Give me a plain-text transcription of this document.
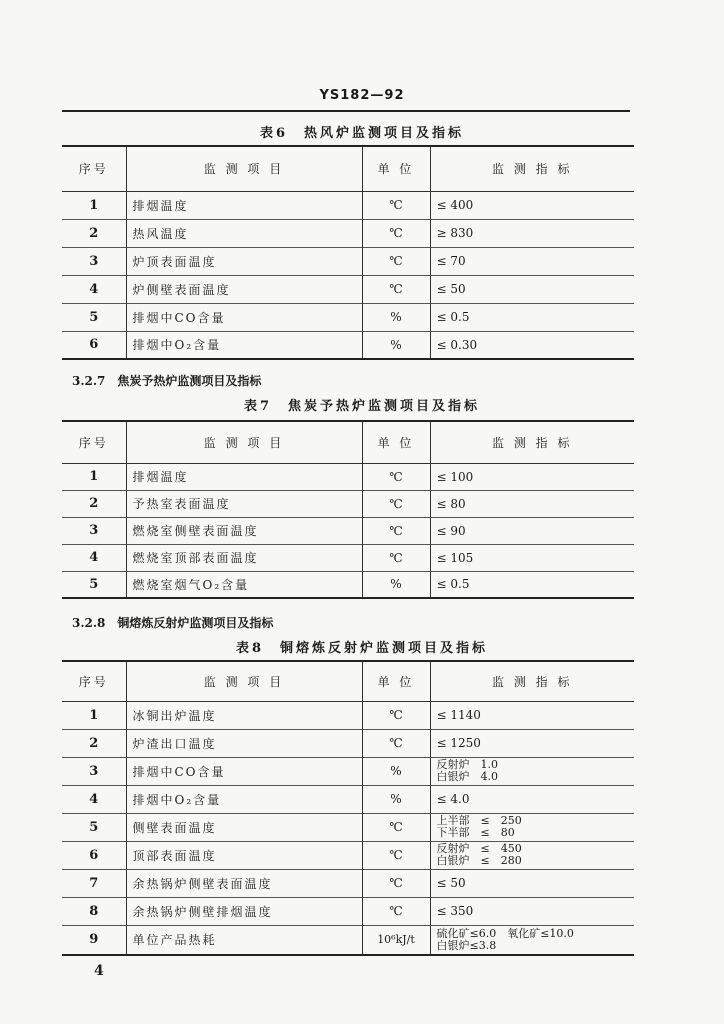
YS182—92
表6　热风炉监测项目及指标
序号	监 测 项 目	单 位	监 测 指 标
1	排烟温度	℃	≤ 400
2	热风温度	℃	≥ 830
3	炉顶表面温度	℃	≤ 70
4	炉侧壁表面温度	℃	≤ 50
5	排烟中CO含量	%	≤ 0.5
6	排烟中O₂含量	%	≤ 0.30
3.2.7　焦炭予热炉监测项目及指标
表7　焦炭予热炉监测项目及指标
序号	监 测 项 目	单 位	监 测 指 标
1	排烟温度	℃	≤ 100
2	予热室表面温度	℃	≤ 80
3	燃烧室侧壁表面温度	℃	≤ 90
4	燃烧室顶部表面温度	℃	≤ 105
5	燃烧室烟气O₂含量	%	≤ 0.5
3.2.8　铜熔炼反射炉监测项目及指标
表8　铜熔炼反射炉监测项目及指标
序号	监 测 项 目	单 位	监 测 指 标
1	冰铜出炉温度	℃	≤ 1140
2	炉渣出口温度	℃	≤ 1250
3	排烟中CO含量	%	反射炉　1.0
白银炉　4.0

4	排烟中O₂含量	%	≤ 4.0
5	侧壁表面温度	℃	上半部　≤　250
下半部　≤　80

6	顶部表面温度	℃	反射炉　≤　450
白银炉　≤　280

7	余热锅炉侧壁表面温度	℃	≤ 50
8	余热锅炉侧壁排烟温度	℃	≤ 350
9	单位产品热耗	10⁶kJ/t	硫化矿≤6.0　氧化矿≤10.0
白银炉≤3.8
4
